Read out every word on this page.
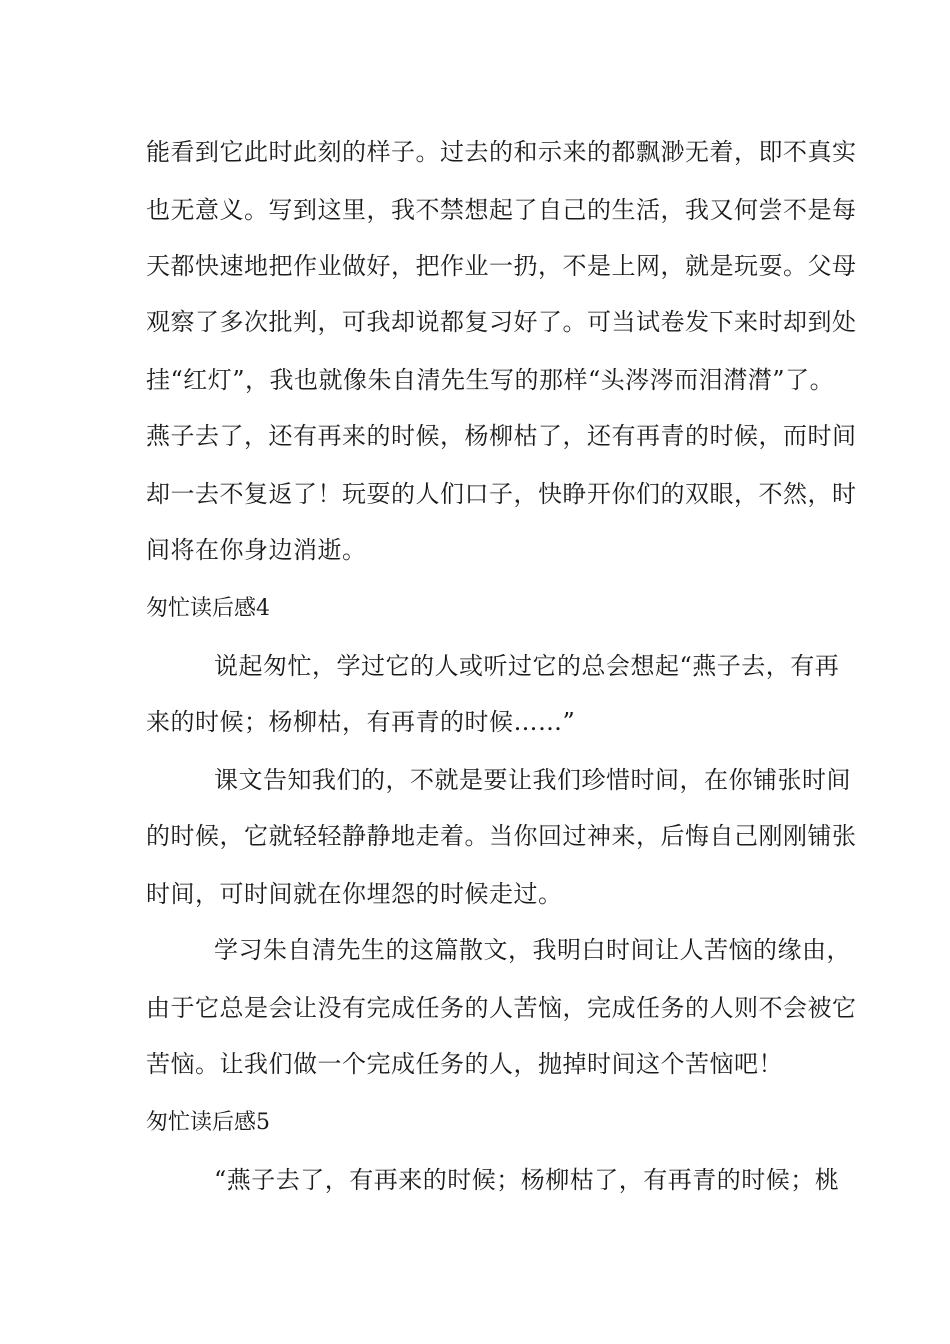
能看到它此时此刻的样子。过去的和示来的都飘渺无着，即不真实
也无意义。写到这里，我不禁想起了自己的生活，我又何尝不是每
天都快速地把作业做好，把作业一扔，不是上网，就是玩耍。父母
观察了多次批判，可我却说都复习好了。可当试卷发下来时却到处
挂“红灯”，我也就像朱自清先生写的那样“头涔涔而泪潸潸”了。
燕子去了，还有再来的时候，杨柳枯了，还有再青的时候，而时间
却一去不复返了！玩耍的人们口子，快睁开你们的双眼，不然，时
间将在你身边消逝。
匆忙读后感4
说起匆忙，学过它的人或听过它的总会想起“燕子去，有再
来的时候；杨柳枯，有再青的时候……”
课文告知我们的，不就是要让我们珍惜时间，在你铺张时间
的时候，它就轻轻静静地走着。当你回过神来，后悔自己刚刚铺张
时间，可时间就在你埋怨的时候走过。
学习朱自清先生的这篇散文，我明白时间让人苦恼的缘由，
由于它总是会让没有完成任务的人苦恼，完成任务的人则不会被它
苦恼。让我们做一个完成任务的人，抛掉时间这个苦恼吧！
匆忙读后感5
“燕子去了，有再来的时候；杨柳枯了，有再青的时候；桃
